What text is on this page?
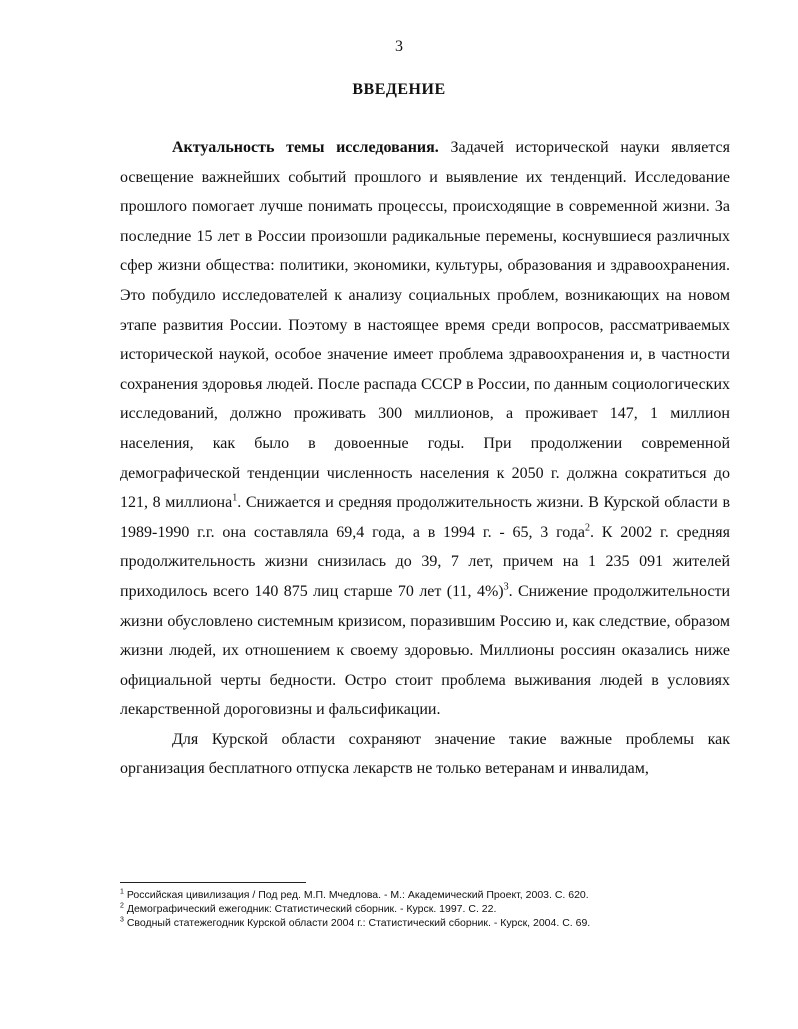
3
ВВЕДЕНИЕ

Актуальность темы исследования. Задачей исторической науки является освещение важнейших событий прошлого и выявление их тенденций. Исследование прошлого помогает лучше понимать процессы, происходящие в современной жизни. За последние 15 лет в России произошли радикальные перемены, коснувшиеся различных сфер жизни общества: политики, экономики, культуры, образования и здравоохранения. Это побудило исследователей к анализу социальных проблем, возникающих на новом этапе развития России. Поэтому в настоящее время среди вопросов, рассматриваемых исторической наукой, особое значение имеет проблема здравоохранения и, в частности сохранения здоровья людей. После распада СССР в России, по данным социологических исследований, должно проживать 300 миллионов, а проживает 147, 1 миллион населения, как было в довоенные годы. При продолжении современной демографической тенденции численность населения к 2050 г. должна сократиться до 121, 8 миллиона$^1$. Снижается и средняя продолжительность жизни. В Курской области в 1989-1990 г.г. она составляла 69,4 года, а в 1994 г. - 65, 3 года$^2$. К 2002 г. средняя продолжительность жизни снизилась до 39, 7 лет, причем на 1 235 091 жителей приходилось всего 140 875 лиц старше 70 лет (11, 4%)$^3$. Снижение продолжительности жизни обусловлено системным кризисом, поразившим Россию и, как следствие, образом жизни людей, их отношением к своему здоровью. Миллионы россиян оказались ниже официальной черты бедности. Остро стоит проблема выживания людей в условиях лекарственной дороговизны и фальсификации.

Для Курской области сохраняют значение такие важные проблемы как организация бесплатного отпуска лекарств не только ветеранам и инвалидам,

$^1$ Российская цивилизация / Под ред. М.П. Мчедлова. - М.: Академический Проект, 2003. С. 620.
$^2$ Демографический ежегодник: Статистический сборник. - Курск. 1997. С. 22.
$^3$ Сводный статежегодник Курской области 2004 г.: Статистический сборник. - Курск, 2004. С. 69.
